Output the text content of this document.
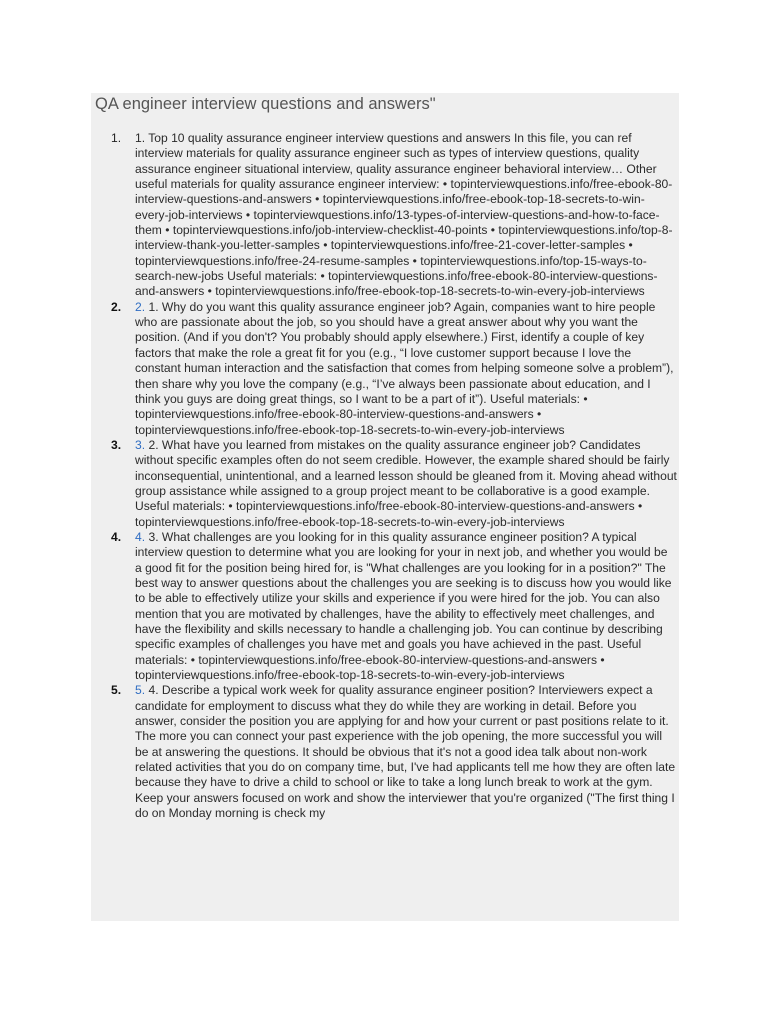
QA engineer interview questions and answers"
1.	1. Top 10 quality assurance engineer interview questions and answers In this file, you can ref interview materials for quality assurance engineer such as types of interview questions, quality assurance engineer situational interview, quality assurance engineer behavioral interview… Other useful materials for quality assurance engineer interview: • topinterviewquestions.info/free-ebook-80-interview-questions-and-answers • topinterviewquestions.info/free-ebook-top-18-secrets-to-win-every-job-interviews • topinterviewquestions.info/13-types-of-interview-questions-and-how-to-face-them • topinterviewquestions.info/job-interview-checklist-40-points • topinterviewquestions.info/top-8-interview-thank-you-letter-samples • topinterviewquestions.info/free-21-cover-letter-samples • topinterviewquestions.info/free-24-resume-samples • topinterviewquestions.info/top-15-ways-to-search-new-jobs Useful materials: • topinterviewquestions.info/free-ebook-80-interview-questions-and-answers • topinterviewquestions.info/free-ebook-top-18-secrets-to-win-every-job-interviews
2.	2. 1. Why do you want this quality assurance engineer job? Again, companies want to hire people who are passionate about the job, so you should have a great answer about why you want the position. (And if you don't? You probably should apply elsewhere.) First, identify a couple of key factors that make the role a great fit for you (e.g., “I love customer support because I love the constant human interaction and the satisfaction that comes from helping someone solve a problem”), then share why you love the company (e.g., “I’ve always been passionate about education, and I think you guys are doing great things, so I want to be a part of it”). Useful materials: • topinterviewquestions.info/free-ebook-80-interview-questions-and-answers • topinterviewquestions.info/free-ebook-top-18-secrets-to-win-every-job-interviews
3.	3. 2. What have you learned from mistakes on the quality assurance engineer job? Candidates without specific examples often do not seem credible. However, the example shared should be fairly inconsequential, unintentional, and a learned lesson should be gleaned from it. Moving ahead without group assistance while assigned to a group project meant to be collaborative is a good example. Useful materials: • topinterviewquestions.info/free-ebook-80-interview-questions-and-answers • topinterviewquestions.info/free-ebook-top-18-secrets-to-win-every-job-interviews
4.	4. 3. What challenges are you looking for in this quality assurance engineer position? A typical interview question to determine what you are looking for your in next job, and whether you would be a good fit for the position being hired for, is "What challenges are you looking for in a position?" The best way to answer questions about the challenges you are seeking is to discuss how you would like to be able to effectively utilize your skills and experience if you were hired for the job. You can also mention that you are motivated by challenges, have the ability to effectively meet challenges, and have the flexibility and skills necessary to handle a challenging job. You can continue by describing specific examples of challenges you have met and goals you have achieved in the past. Useful materials: • topinterviewquestions.info/free-ebook-80-interview-questions-and-answers • topinterviewquestions.info/free-ebook-top-18-secrets-to-win-every-job-interviews
5.	5. 4. Describe a typical work week for quality assurance engineer position? Interviewers expect a candidate for employment to discuss what they do while they are working in detail. Before you answer, consider the position you are applying for and how your current or past positions relate to it. The more you can connect your past experience with the job opening, the more successful you will be at answering the questions. It should be obvious that it's not a good idea talk about non-work related activities that you do on company time, but, I've had applicants tell me how they are often late because they have to drive a child to school or like to take a long lunch break to work at the gym. Keep your answers focused on work and show the interviewer that you're organized ("The first thing I do on Monday morning is check my
